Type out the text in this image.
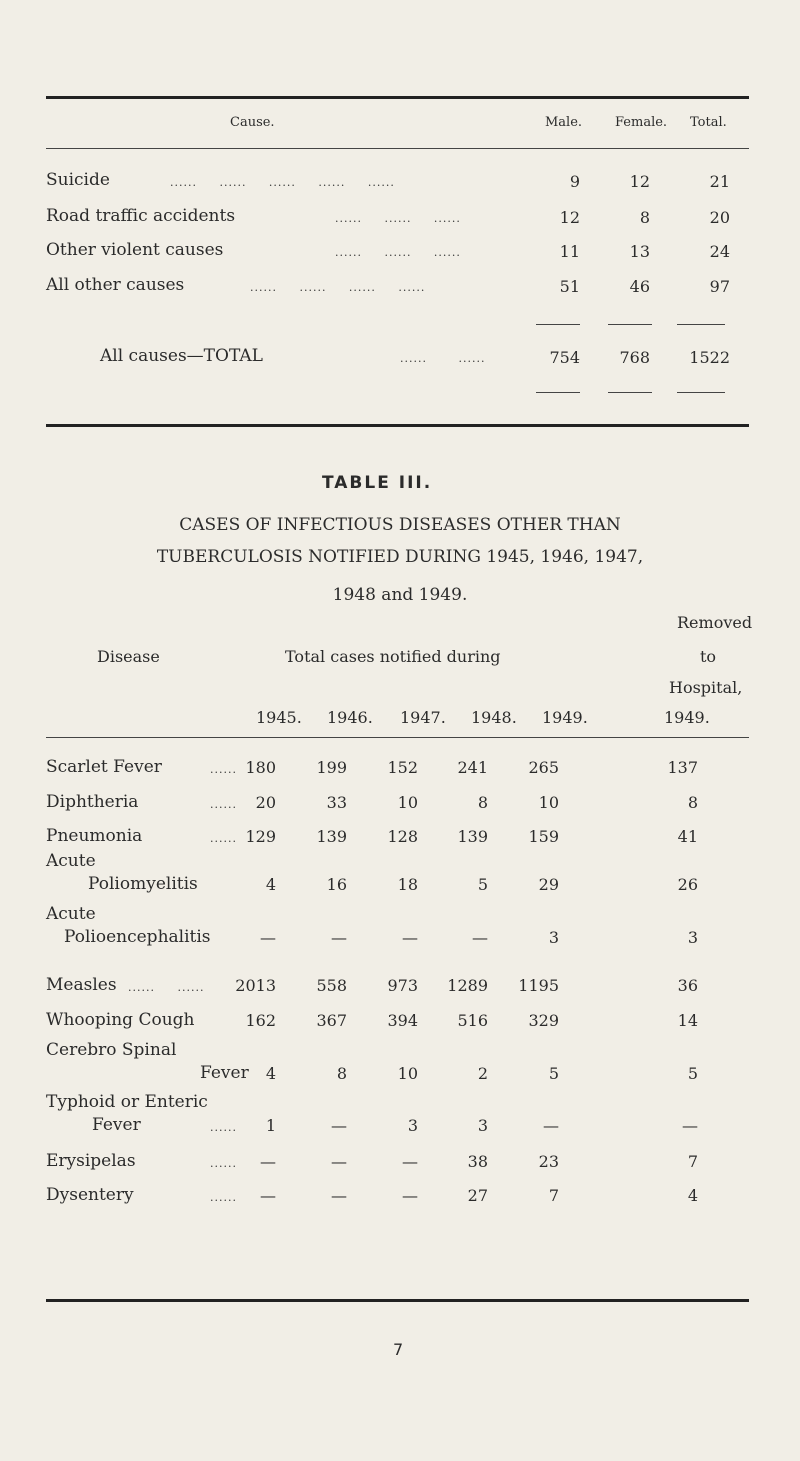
Cause.	Male.	Female. Total.
Suicide	......     ......     ......     ......     ......	9	12	21
Road traffic accidents	......     ......     ......	12	8	20
Other violent causes	......     ......     ......	11	13	24
All other causes	......     ......     ......     ......	51	46	97
All causes—TOTAL	......       ......	754	768	1522
TABLE III.
CASES OF INFECTIOUS DISEASES OTHER THAN
TUBERCULOSIS NOTIFIED DURING 1945, 1946, 1947,
1948 and 1949.
Disease	Total cases notified during
Removed
to
Hospital,
1945. 1946. 1947. 1948. 1949.	1949.
Scarlet Fever	...... 180	199	152	241	265	137
Diphtheria	......	20	33	10	8	10	8
Pneumonia	...... 129	139	128	139	159	41
Acute
Poliomyelitis	4	16	18	5	29	26
Acute
Polioencephalitis	—	—	—	—	3	3
Measles ......     ......	2013	558	973	1289	1195	36
Whooping Cough	162	367	394	516	329	14
Cerebro Spinal
Fever	4	8	10	2	5	5
Typhoid or Enteric
Fever	......	1	—	3	3	—	—
Erysipelas	......	—	—	—	38	23	7
Dysentery	......	—	—	—	27	7	4
7
